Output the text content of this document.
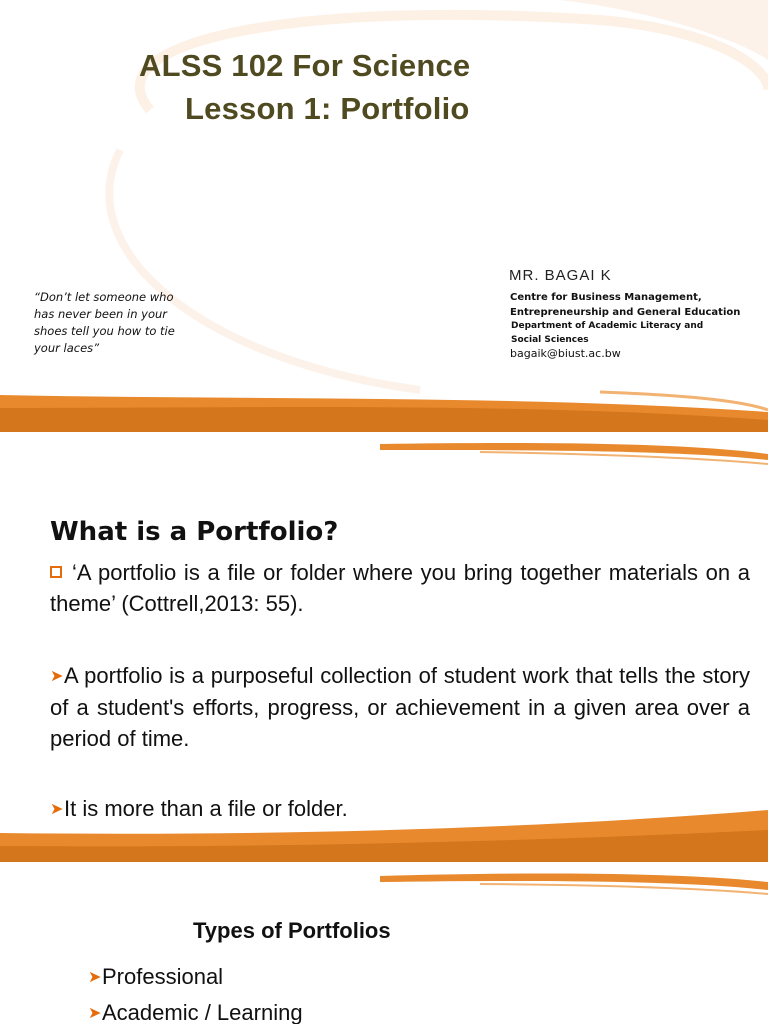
ALSS 102 For Science
Lesson 1: Portfolio
“Don’t let someone who
has never been in your
shoes tell you how to tie
your laces”
MR. BAGAI K
Centre for Business Management,
Entrepreneurship and General Education
Department of Academic Literacy and
Social Sciences
bagaik@biust.ac.bw
What is a Portfolio?
‘A portfolio is a file or folder where you bring together materials on a theme’ (Cottrell,2013: 55).
➤A portfolio is a purposeful collection of student work that tells the story of a student's efforts, progress, or achievement in a given area over a period of time.
➤It is more than a file or folder.
Types of Portfolios
➤Professional
➤Academic / Learning
